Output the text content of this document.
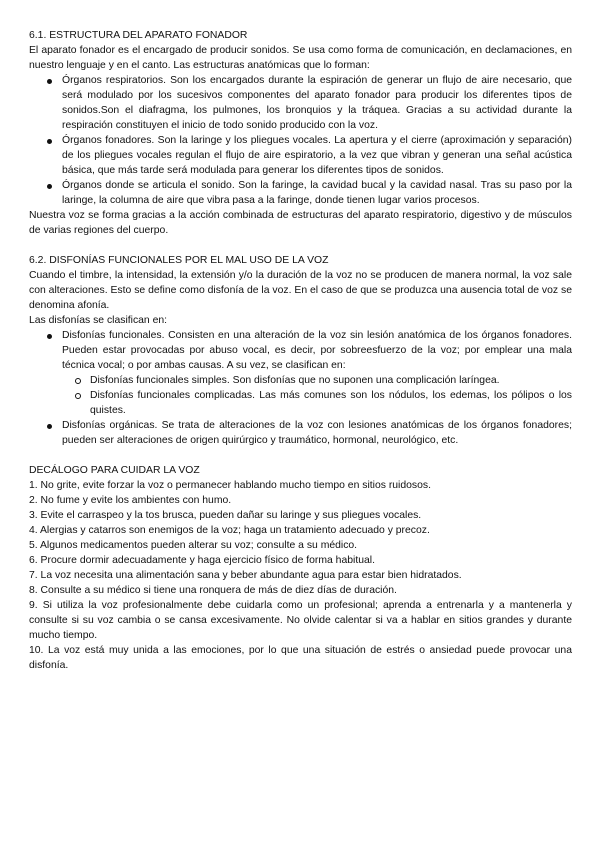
6.1. ESTRUCTURA DEL APARATO FONADOR

El aparato fonador es el encargado de producir sonidos. Se usa como forma de comunicación, en declamaciones, en nuestro lenguaje y en el canto. Las estructuras anatómicas que lo forman:

Órganos respiratorios. Son los encargados durante la espiración de generar un flujo de aire necesario, que será modulado por los sucesivos componentes del aparato fonador para producir los diferentes tipos de sonidos.Son el diafragma, los pulmones, los bronquios y la tráquea. Gracias a su actividad durante la respiración constituyen el inicio de todo sonido producido con la voz.
Órganos fonadores. Son la laringe y los pliegues vocales. La apertura y el cierre (aproximación y separación) de los pliegues vocales regulan el flujo de aire espiratorio, a la vez que vibran y generan una señal acústica básica, que más tarde será modulada para generar los diferentes tipos de sonidos.
Órganos donde se articula el sonido. Son la faringe, la cavidad bucal y la cavidad nasal. Tras su paso por la laringe, la columna de aire que vibra pasa a la faringe, donde tienen lugar varios procesos.

Nuestra voz se forma gracias a la acción combinada de estructuras del aparato respiratorio, digestivo y de músculos de varias regiones del cuerpo.

6.2. DISFONÍAS FUNCIONALES POR EL MAL USO DE LA VOZ

Cuando el timbre, la intensidad, la extensión y/o la duración de la voz no se producen de manera normal, la voz sale con alteraciones. Esto se define como disfonía de la voz. En el caso de que se produzca una ausencia total de voz se denomina afonía.

Las disfonías se clasifican en:

Disfonías funcionales. Consisten en una alteración de la voz sin lesión anatómica de los órganos fonadores. Pueden estar provocadas por abuso vocal, es decir, por sobreesfuerzo de la voz; por emplear una mala técnica vocal; o por ambas causas. A su vez, se clasifican en:
Disfonías funcionales simples. Son disfonías que no suponen una complicación laríngea.
Disfonías funcionales complicadas. Las más comunes son los nódulos, los edemas, los pólipos o los quistes.
Disfonías orgánicas. Se trata de alteraciones de la voz con lesiones anatómicas de los órganos fonadores; pueden ser alteraciones de origen quirúrgico y traumático, hormonal, neurológico, etc.
DECÁLOGO PARA CUIDAR LA VOZ
1. No grite, evite forzar la voz o permanecer hablando mucho tiempo en sitios ruidosos.
2. No fume y evite los ambientes con humo.
3. Evite el carraspeo y la tos brusca, pueden dañar su laringe y sus pliegues vocales.
4. Alergias y catarros son enemigos de la voz; haga un tratamiento adecuado y precoz.
5. Algunos medicamentos pueden alterar su voz; consulte a su médico.
6. Procure dormir adecuadamente y haga ejercicio físico de forma habitual.
7. La voz necesita una alimentación sana y beber abundante agua para estar bien hidratados.
8. Consulte a su médico si tiene una ronquera de más de diez días de duración.
9. Si utiliza la voz profesionalmente debe cuidarla como un profesional; aprenda a entrenarla y a mantenerla y consulte si su voz cambia o se cansa excesivamente. No olvide calentar si va a hablar en sitios grandes y durante mucho tiempo.
10. La voz está muy unida a las emociones, por lo que una situación de estrés o ansiedad puede provocar una disfonía.
